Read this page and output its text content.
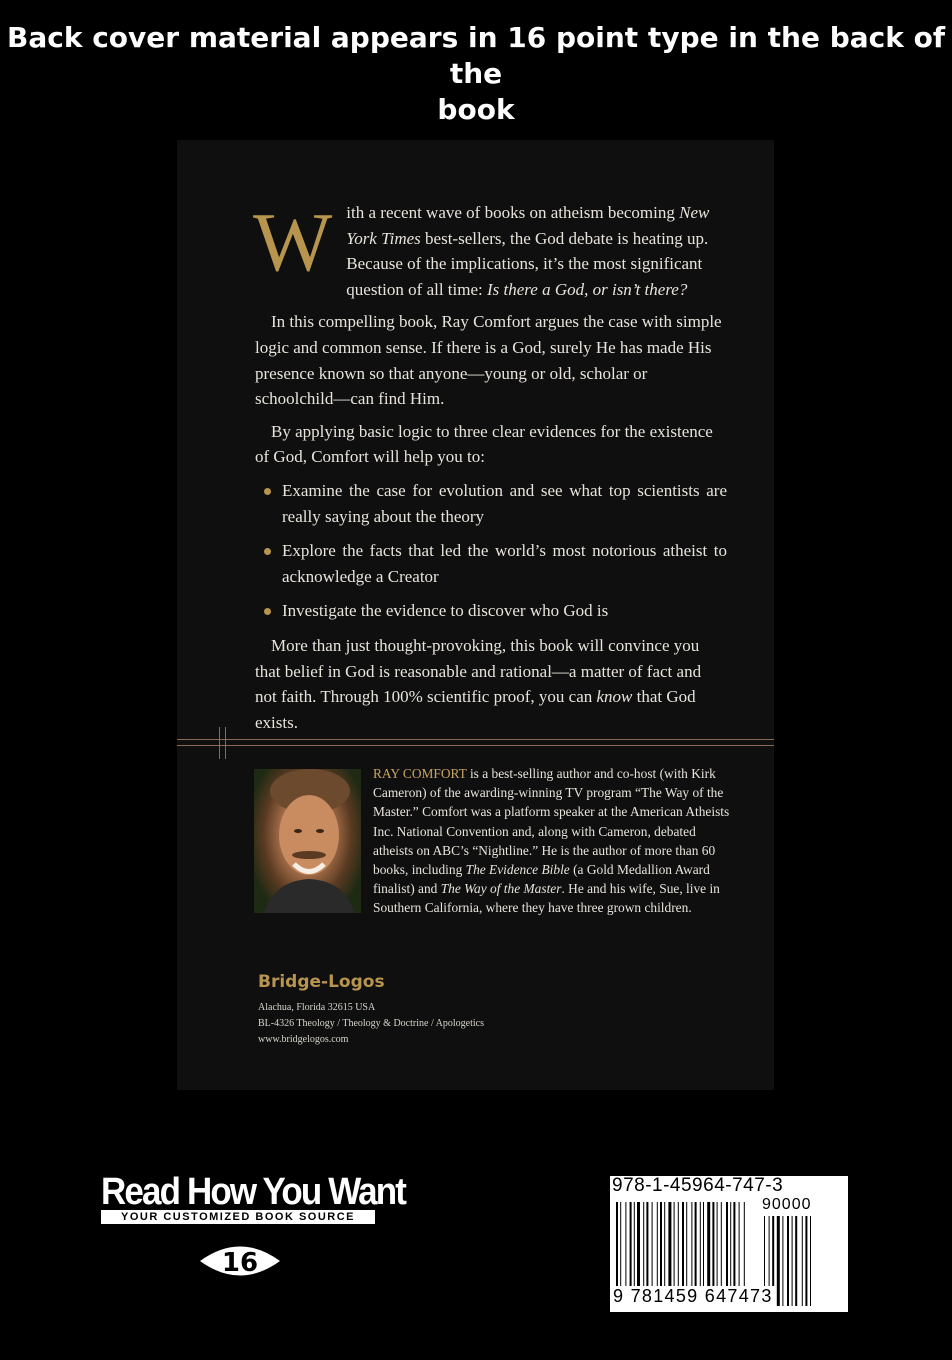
Back cover material appears in 16 point type in the back of the
book

With a recent wave of books on atheism becoming New York Times best-sellers, the God debate is heating up. Because of the implications, it’s the most significant question of all time: Is there a God, or isn’t there?

In this compelling book, Ray Comfort argues the case with simple logic and common sense. If there is a God, surely He has made His presence known so that anyone—young or old, scholar or schoolchild—can find Him.

By applying basic logic to three clear evidences for the existence of God, Comfort will help you to:

Examine the case for evolution and see what top scientists are really saying about the theory
Explore the facts that led the world’s most notorious atheist to acknowledge a Creator
Investigate the evidence to discover who God is

More than just thought-provoking, this book will convince you that belief in God is reasonable and rational—a matter of fact and not faith. Through 100% scientific proof, you can know that God exists.

RAY COMFORT is a best-selling author and co-host (with Kirk Cameron) of the awarding-winning TV program “The Way of the Master.” Comfort was a platform speaker at the American Atheists Inc. National Convention and, along with Cameron, debated atheists on ABC’s “Nightline.” He is the author of more than 60 books, including The Evidence Bible (a Gold Medallion Award finalist) and The Way of the Master. He and his wife, Sue, live in Southern California, where they have three grown children.
Bridge-Logos
Alachua, Florida 32615 USA
BL-4326 Theology / Theology & Doctrine / Apologetics
www.bridgelogos.com
Read How You Want
YOUR CUSTOMIZED BOOK SOURCE
16
978-1-45964-747-3
90000
9 781459 647473
